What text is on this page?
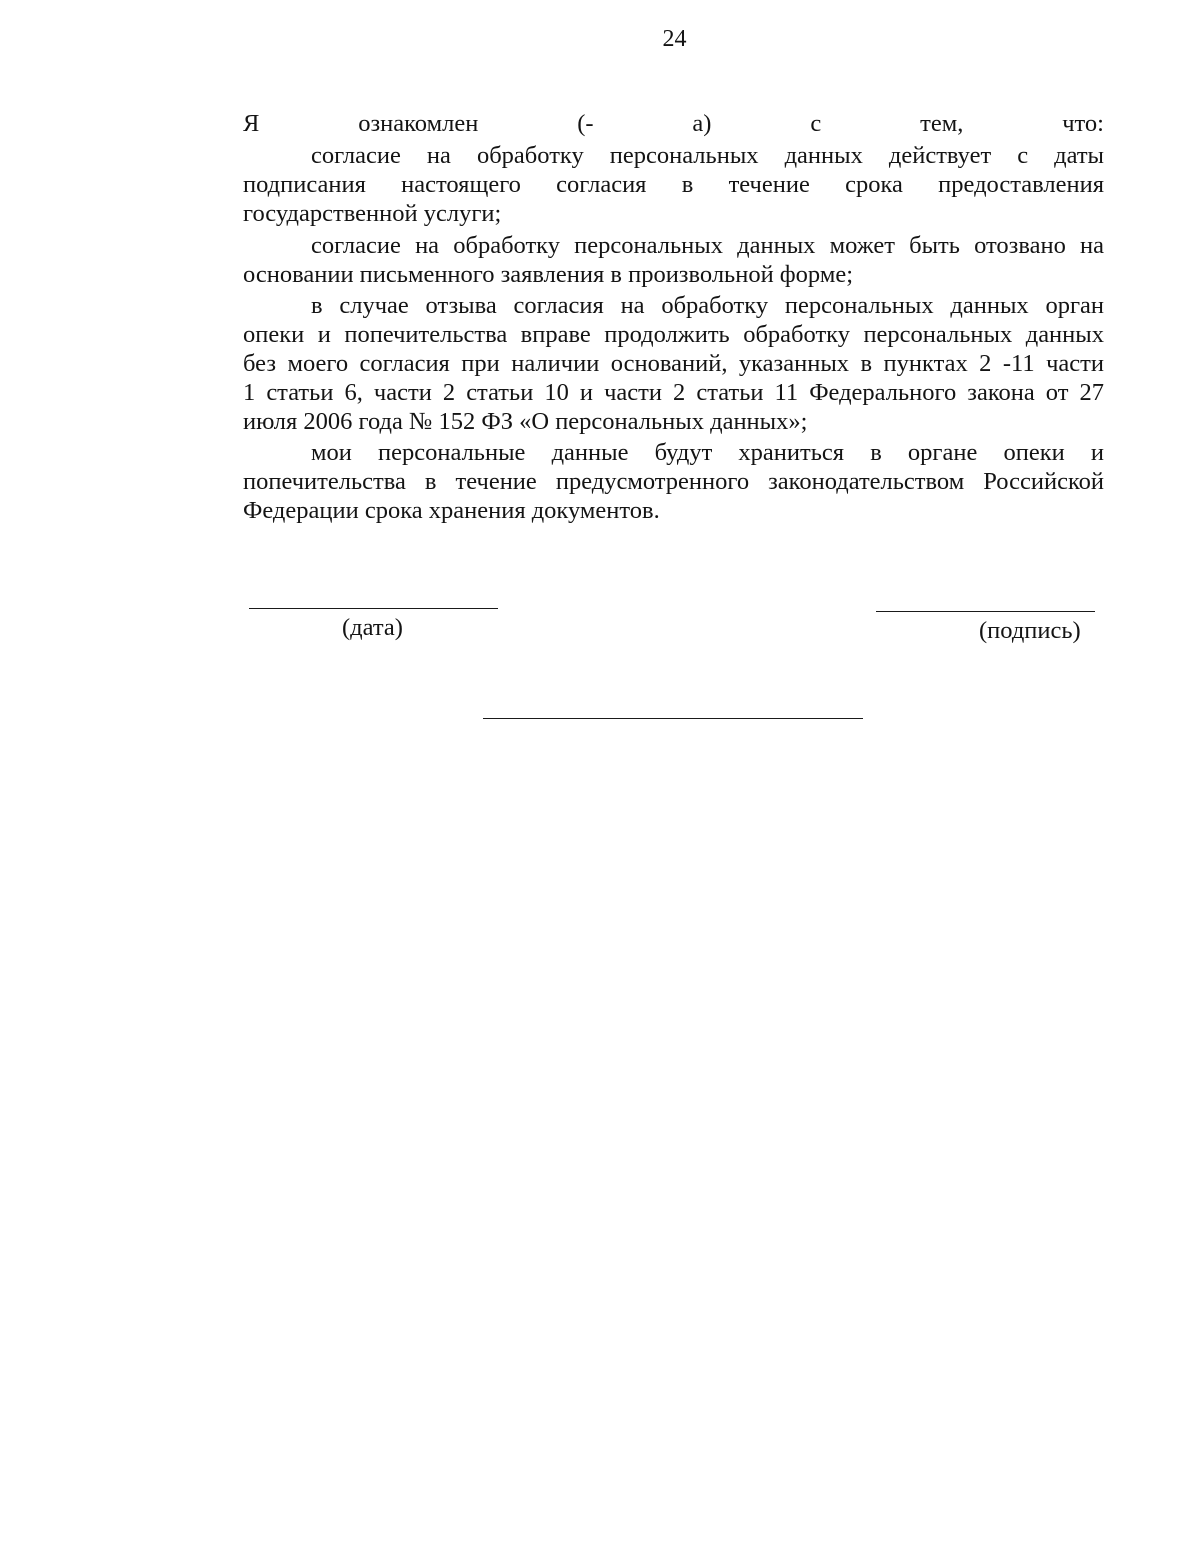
24
Я ознакомлен (- а) с тем, что:
согласие на обработку персональных данных действует с даты
подписания настоящего согласия в течение срока предоставления
государственной услуги;
согласие на обработку персональных данных может быть отозвано на
основании письменного заявления в произвольной форме;
в случае отзыва согласия на обработку персональных данных орган
опеки и попечительства вправе продолжить обработку персональных данных
без моего согласия при наличии оснований, указанных в пунктах 2 -11 части
1 статьи 6, части 2 статьи 10 и части 2 статьи 11 Федерального закона от 27
июля 2006 года № 152 ФЗ «О персональных данных»;
мои персональные данные будут храниться в органе опеки и
попечительства в течение предусмотренного законодательством Российской
Федерации срока хранения документов.
(дата)	(подпись)
